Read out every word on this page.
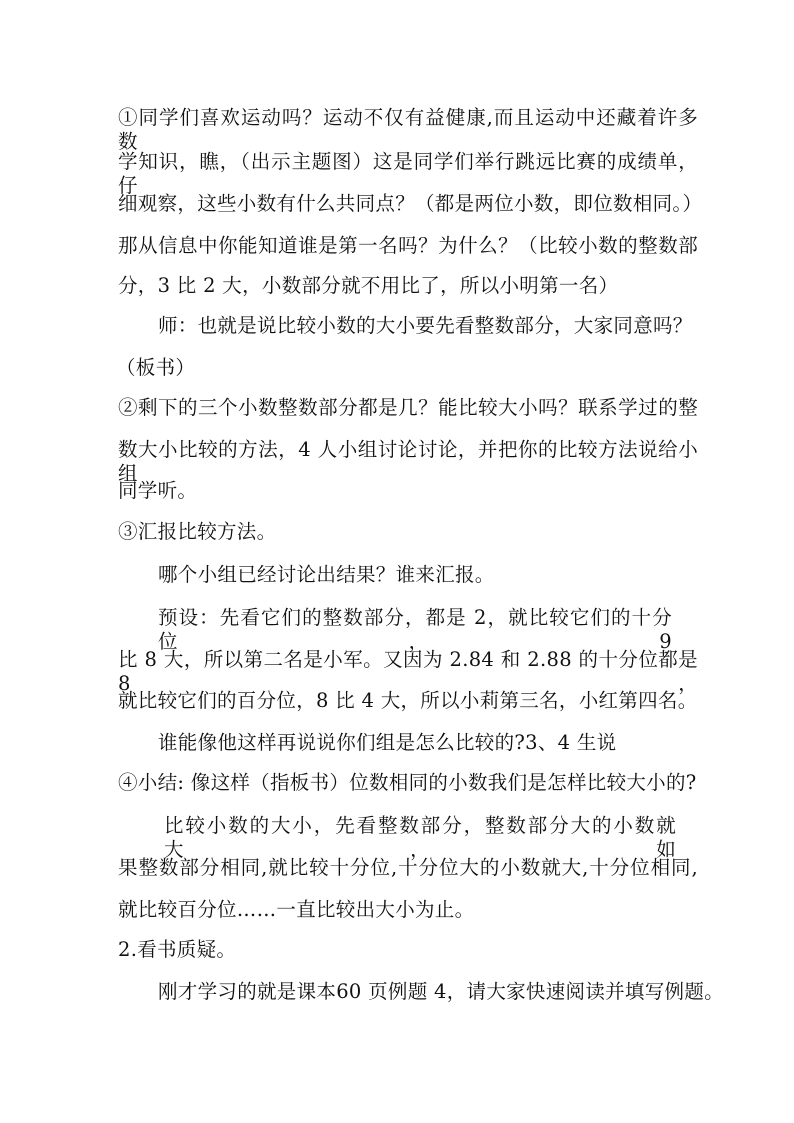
①同学们喜欢运动吗？运动不仅有益健康,而且运动中还藏着许多数
学知识，瞧，（出示主题图）这是同学们举行跳远比赛的成绩单，仔
细观察，这些小数有什么共同点？（都是两位小数，即位数相同。）
那从信息中你能知道谁是第一名吗？为什么？（比较小数的整数部
分，3 比 2 大，小数部分就不用比了，所以小明第一名）
师：也就是说比较小数的大小要先看整数部分，大家同意吗？
（板书）
②剩下的三个小数整数部分都是几？能比较大小吗？联系学过的整
数大小比较的方法，4 人小组讨论讨论，并把你的比较方法说给小组
同学听。
③汇报比较方法。
哪个小组已经讨论出结果？谁来汇报。
预设：先看它们的整数部分，都是 2，就比较它们的十分位，9
比 8 大，所以第二名是小军。又因为 2.84 和 2.88 的十分位都是 8，
就比较它们的百分位，8 比 4 大，所以小莉第三名，小红第四名。
谁能像他这样再说说你们组是怎么比较的?3、4 生说
④小结: 像这样（指板书）位数相同的小数我们是怎样比较大小的?
比较小数的大小，先看整数部分，整数部分大的小数就大，如
果整数部分相同,就比较十分位,十分位大的小数就大,十分位相同,
就比较百分位……一直比较出大小为止。
2.看书质疑。
刚才学习的就是课本60 页例题 4，请大家快速阅读并填写例题。
